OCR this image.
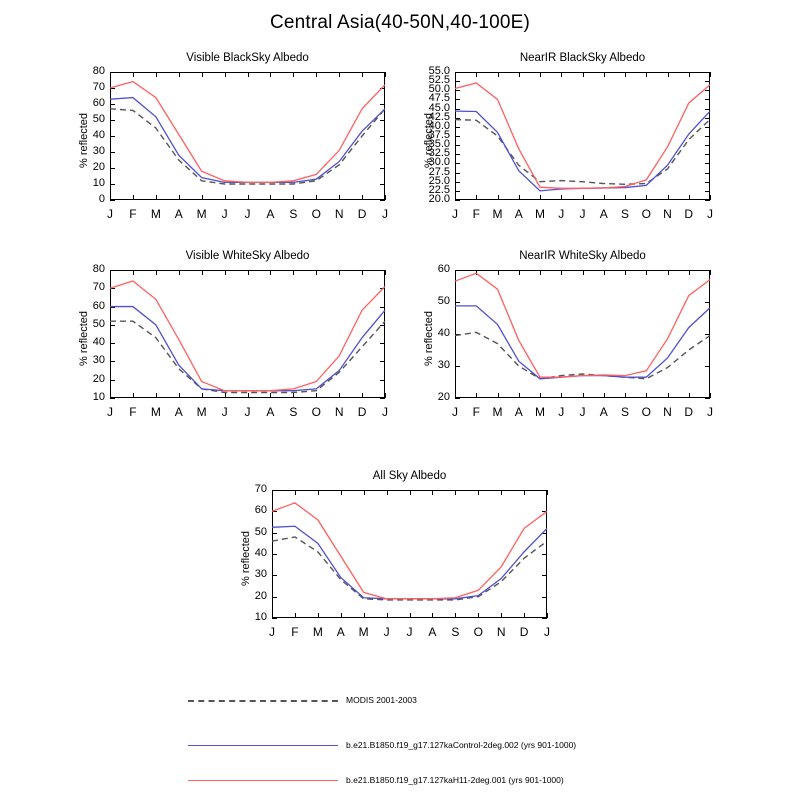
Central Asia(40-50N,40-100E)
Visible BlackSky Albedo
% reflected
0
10
20
30
40
50
60
70
80
J	F	M	A	M	J	J	A	S	O	N	D	J
NearIR BlackSky Albedo
% reflected
20.0
22.5
25.0
27.5
30.0
32.5
35.0
37.5
40.0
42.5
45.0
47.5
50.0
52.5
55.0
J	F	M	A	M	J	J	A	S	O	N	D	J
Visible WhiteSky Albedo
% reflected
10
20
30
40
50
60
70
80
J	F	M	A	M	J	J	A	S	O	N	D	J
NearIR WhiteSky Albedo
% reflected
20
30
40
50
60
J	F	M	A	M	J	J	A	S	O	N	D	J
All Sky Albedo
% reflected
10
20
30
40
50
60
70
J	F	M	A	M	J	J	A	S	O	N	D	J
MODIS 2001-2003
b.e21.B1850.f19_g17.127kaControl-2deg.002 (yrs 901-1000)
b.e21.B1850.f19_g17.127kaH11-2deg.001 (yrs 901-1000)
